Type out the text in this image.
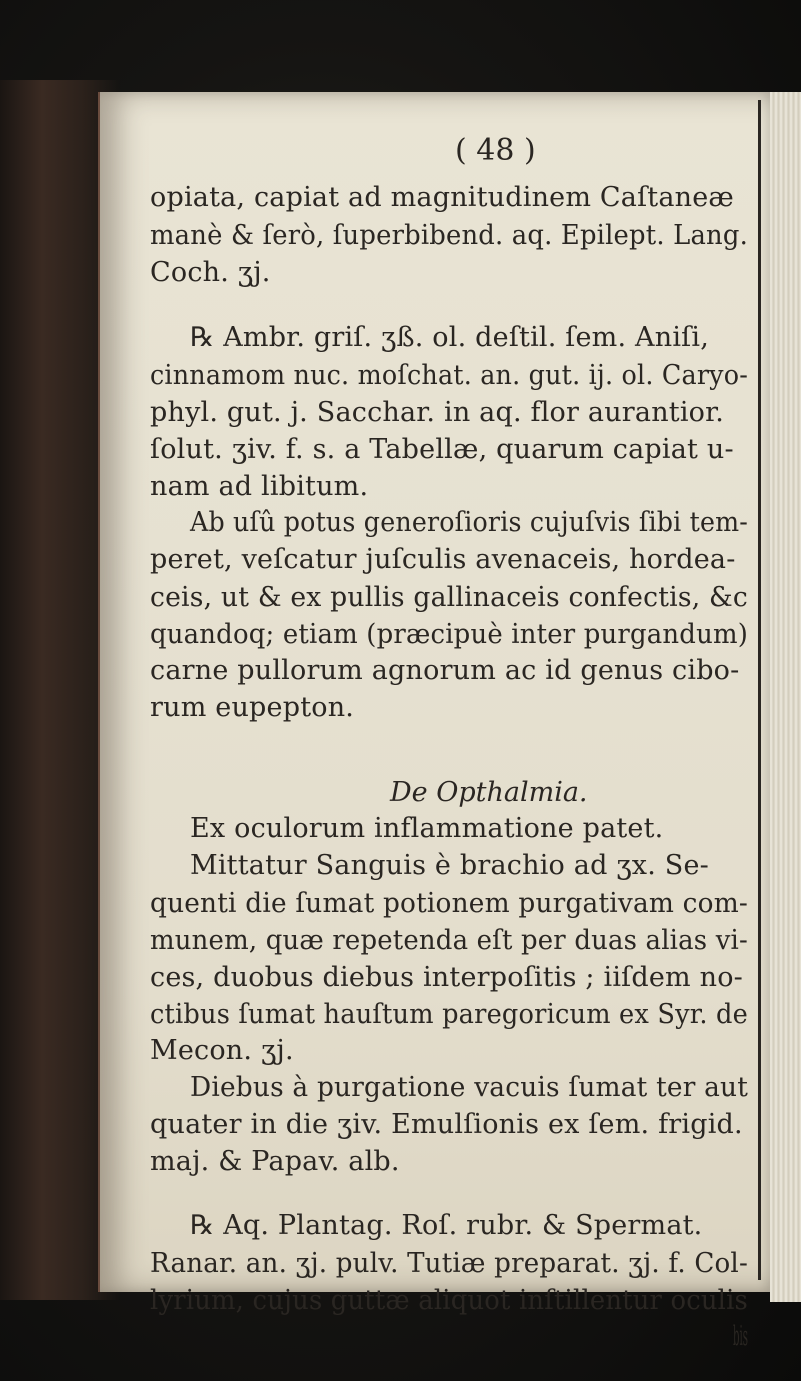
( 48 )
opiata, capiat ad magnitudinem Caſtaneæ
manè & ſerò, ſuperbibend. aq. Epilept. Lang.
Coch. ʒj.
℞ Ambr. griſ. ʒß. ol. deſtil. ſem. Aniſi,
cinnamom nuc. moſchat. an. gut. ij. ol. Caryo-
phyl. gut. j. Sacchar. in aq. flor aurantior.
ſolut. ʒiv. f. s. a Tabellæ, quarum capiat u-
nam ad libitum.
Ab uſû potus generoſioris cujuſvis ſibi tem-
peret, veſcatur juſculis avenaceis, hordea-
ceis, ut & ex pullis gallinaceis confectis, &c
quandoq; etiam (præcipuè inter purgandum)
carne pullorum agnorum ac id genus cibo-
rum eupepton.
De Opthalmia.
Ex oculorum inflammatione patet.
Mittatur Sanguis è brachio ad ʒx. Se-
quenti die ſumat potionem purgativam com-
munem, quæ repetenda eſt per duas alias vi-
ces, duobus diebus interpoſitis ; iiſdem no-
ctibus ſumat hauſtum paregoricum ex Syr. de
Mecon. ʒj.
Diebus à purgatione vacuis ſumat ter aut
quater in die ʒiv. Emulſionis ex ſem. frigid.
maj. & Papav. alb.
℞ Aq. Plantag. Roſ. rubr. & Spermat.
Ranar. an. ʒj. pulv. Tutiæ preparat. ʒj. f. Col-
lyrium, cujus guttæ aliquot inſtillentur oculis
bis
